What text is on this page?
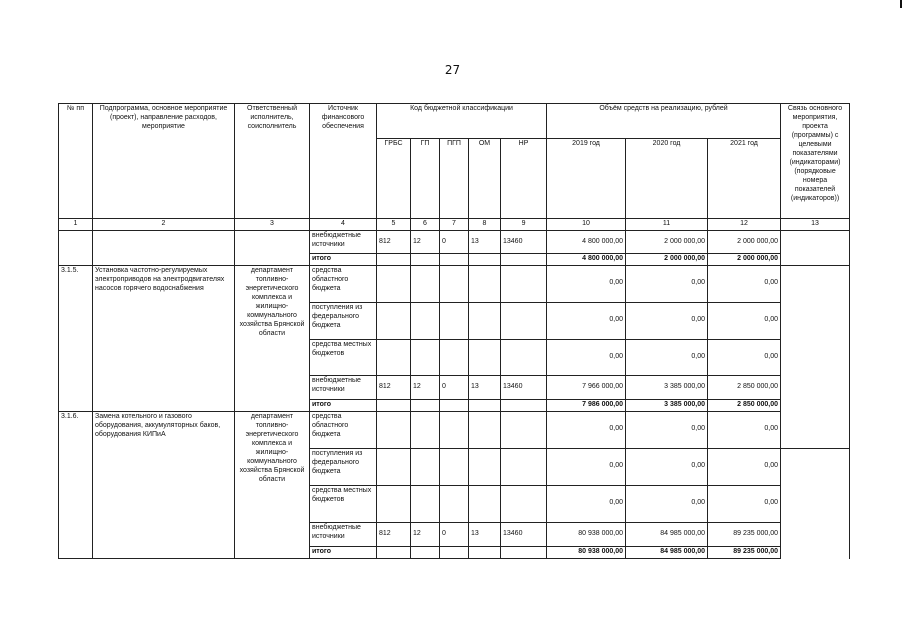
27
№ пп	Подпрограмма, основное мероприятие (проект), направление расходов, мероприятие	Ответственный исполнитель, соисполнитель	Источник финансового обеспечения	Код бюджетной классификации					Объём средств на реализацию, рублей			Связь основного мероприятия, проекта (программы) с целевыми показателями (индикаторами) (порядковые номера показателей (индикаторов))	
				ГРБС	ГП	ПГП	ОМ	НР	2019 год	2020 год	2021 год		
1	2	3	4	5	6	7	8	9	10	11	12	13	
			внебюджетные источники	812	12	0	13	13460	4 800 000,00	2 000 000,00	2 000 000,00		
			итого						4 800 000,00	2 000 000,00	2 000 000,00		
3.1.5.	Установка частотно-регулируемых электроприводов на электродвигателях насосов горячего водоснабжения	департамент топливно-энергетического комплекса и жилищно-коммунального хозяйства Брянской области	средства областного бюджета						0,00	0,00	0,00		
			поступления из федерального бюджета						0,00	0,00	0,00		
			средства местных бюджетов						0,00	0,00	0,00		
			внебюджетные источники	812	12	0	13	13460	7 966 000,00	3 385 000,00	2 850 000,00		
			итого						7 986 000,00	3 385 000,00	2 850 000,00		
3.1.6.	Замена котельного и газового оборудования, аккумуляторных баков, оборудования КИПиА	департамент топливно-энергетического комплекса и жилищно-коммунального хозяйства Брянской области	средства областного бюджета						0,00	0,00	0,00		
			поступления из федерального бюджета						0,00	0,00	0,00		
			средства местных бюджетов						0,00	0,00	0,00		
			внебюджетные источники	812	12	0	13	13460	80 938 000,00	84 985 000,00	89 235 000,00		
			итого						80 938 000,00	84 985 000,00	89 235 000,00		
